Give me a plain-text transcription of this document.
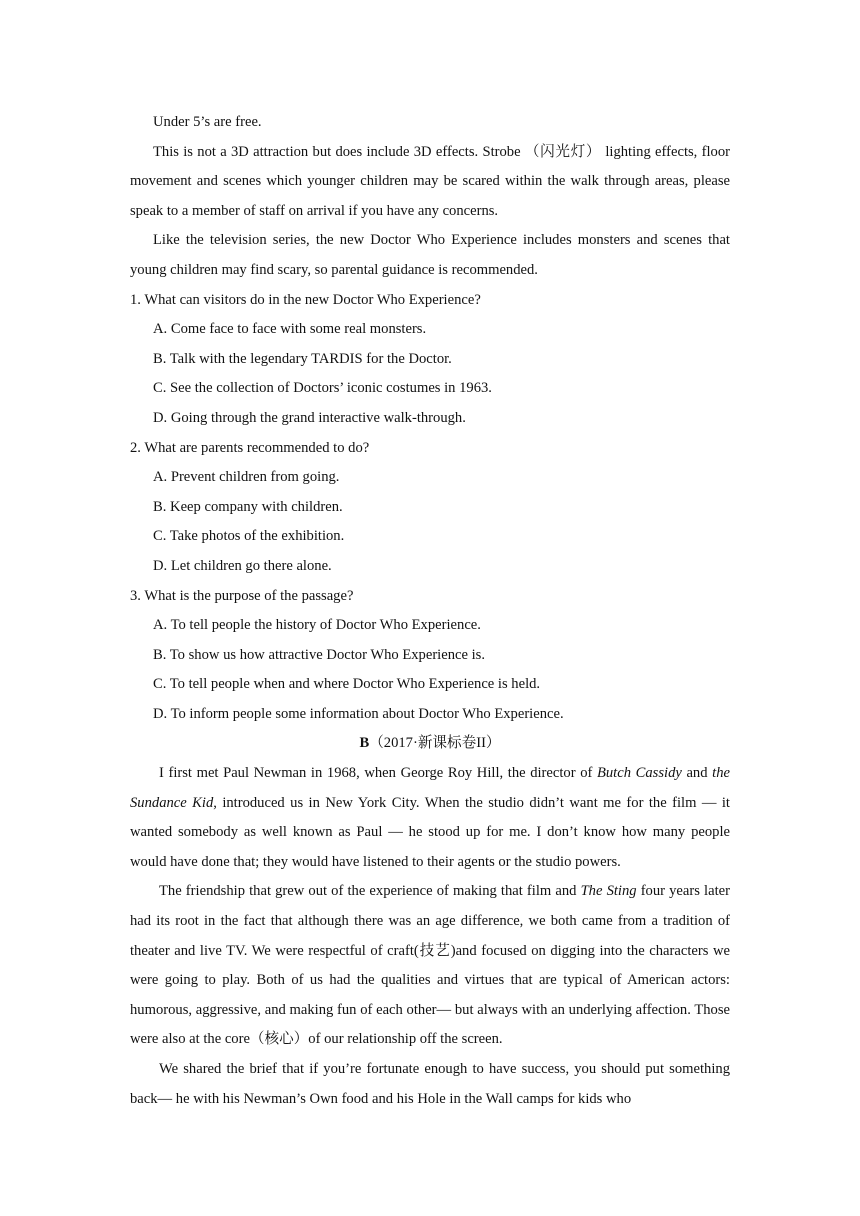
Under 5’s are free.

This is not a 3D attraction but does include 3D effects. Strobe （闪光灯） lighting effects, floor movement and scenes which younger children may be scared within the walk through areas, please speak to a member of staff on arrival if you have any concerns.

Like the television series, the new Doctor Who Experience includes monsters and scenes that young children may find scary, so parental guidance is recommended.

1. What can visitors do in the new Doctor Who Experience?

A. Come face to face with some real monsters.

B. Talk with the legendary TARDIS for the Doctor.

C. See the collection of Doctors’ iconic costumes in 1963.

D. Going through the grand interactive walk-through.

2. What are parents recommended to do?

A. Prevent children from going.

B. Keep company with children.

C. Take photos of the exhibition.

D. Let children go there alone.

3. What is the purpose of the passage?

A. To tell people the history of Doctor Who Experience.

B. To show us how attractive Doctor Who Experience is.

C. To tell people when and where Doctor Who Experience is held.

D. To inform people some information about Doctor Who Experience.

B（2017·新课标卷II）

I first met Paul Newman in 1968, when George Roy Hill, the director of Butch Cassidy and the Sundance Kid, introduced us in New York City. When the studio didn’t want me for the film — it wanted somebody as well known as Paul — he stood up for me. I don’t know how many people would have done that; they would have listened to their agents or the studio powers.

The friendship that grew out of the experience of making that film and The Sting four years later had its root in the fact that although there was an age difference, we both came from a tradition of theater and live TV. We were respectful of craft(技艺)and focused on digging into the characters we were going to play. Both of us had the qualities and virtues that are typical of American actors: humorous, aggressive, and making fun of each other— but always with an underlying affection. Those were also at the core（核心）of our relationship off the screen.

We shared the brief that if you’re fortunate enough to have success, you should put something back— he with his Newman’s Own food and his Hole in the Wall camps for kids who
